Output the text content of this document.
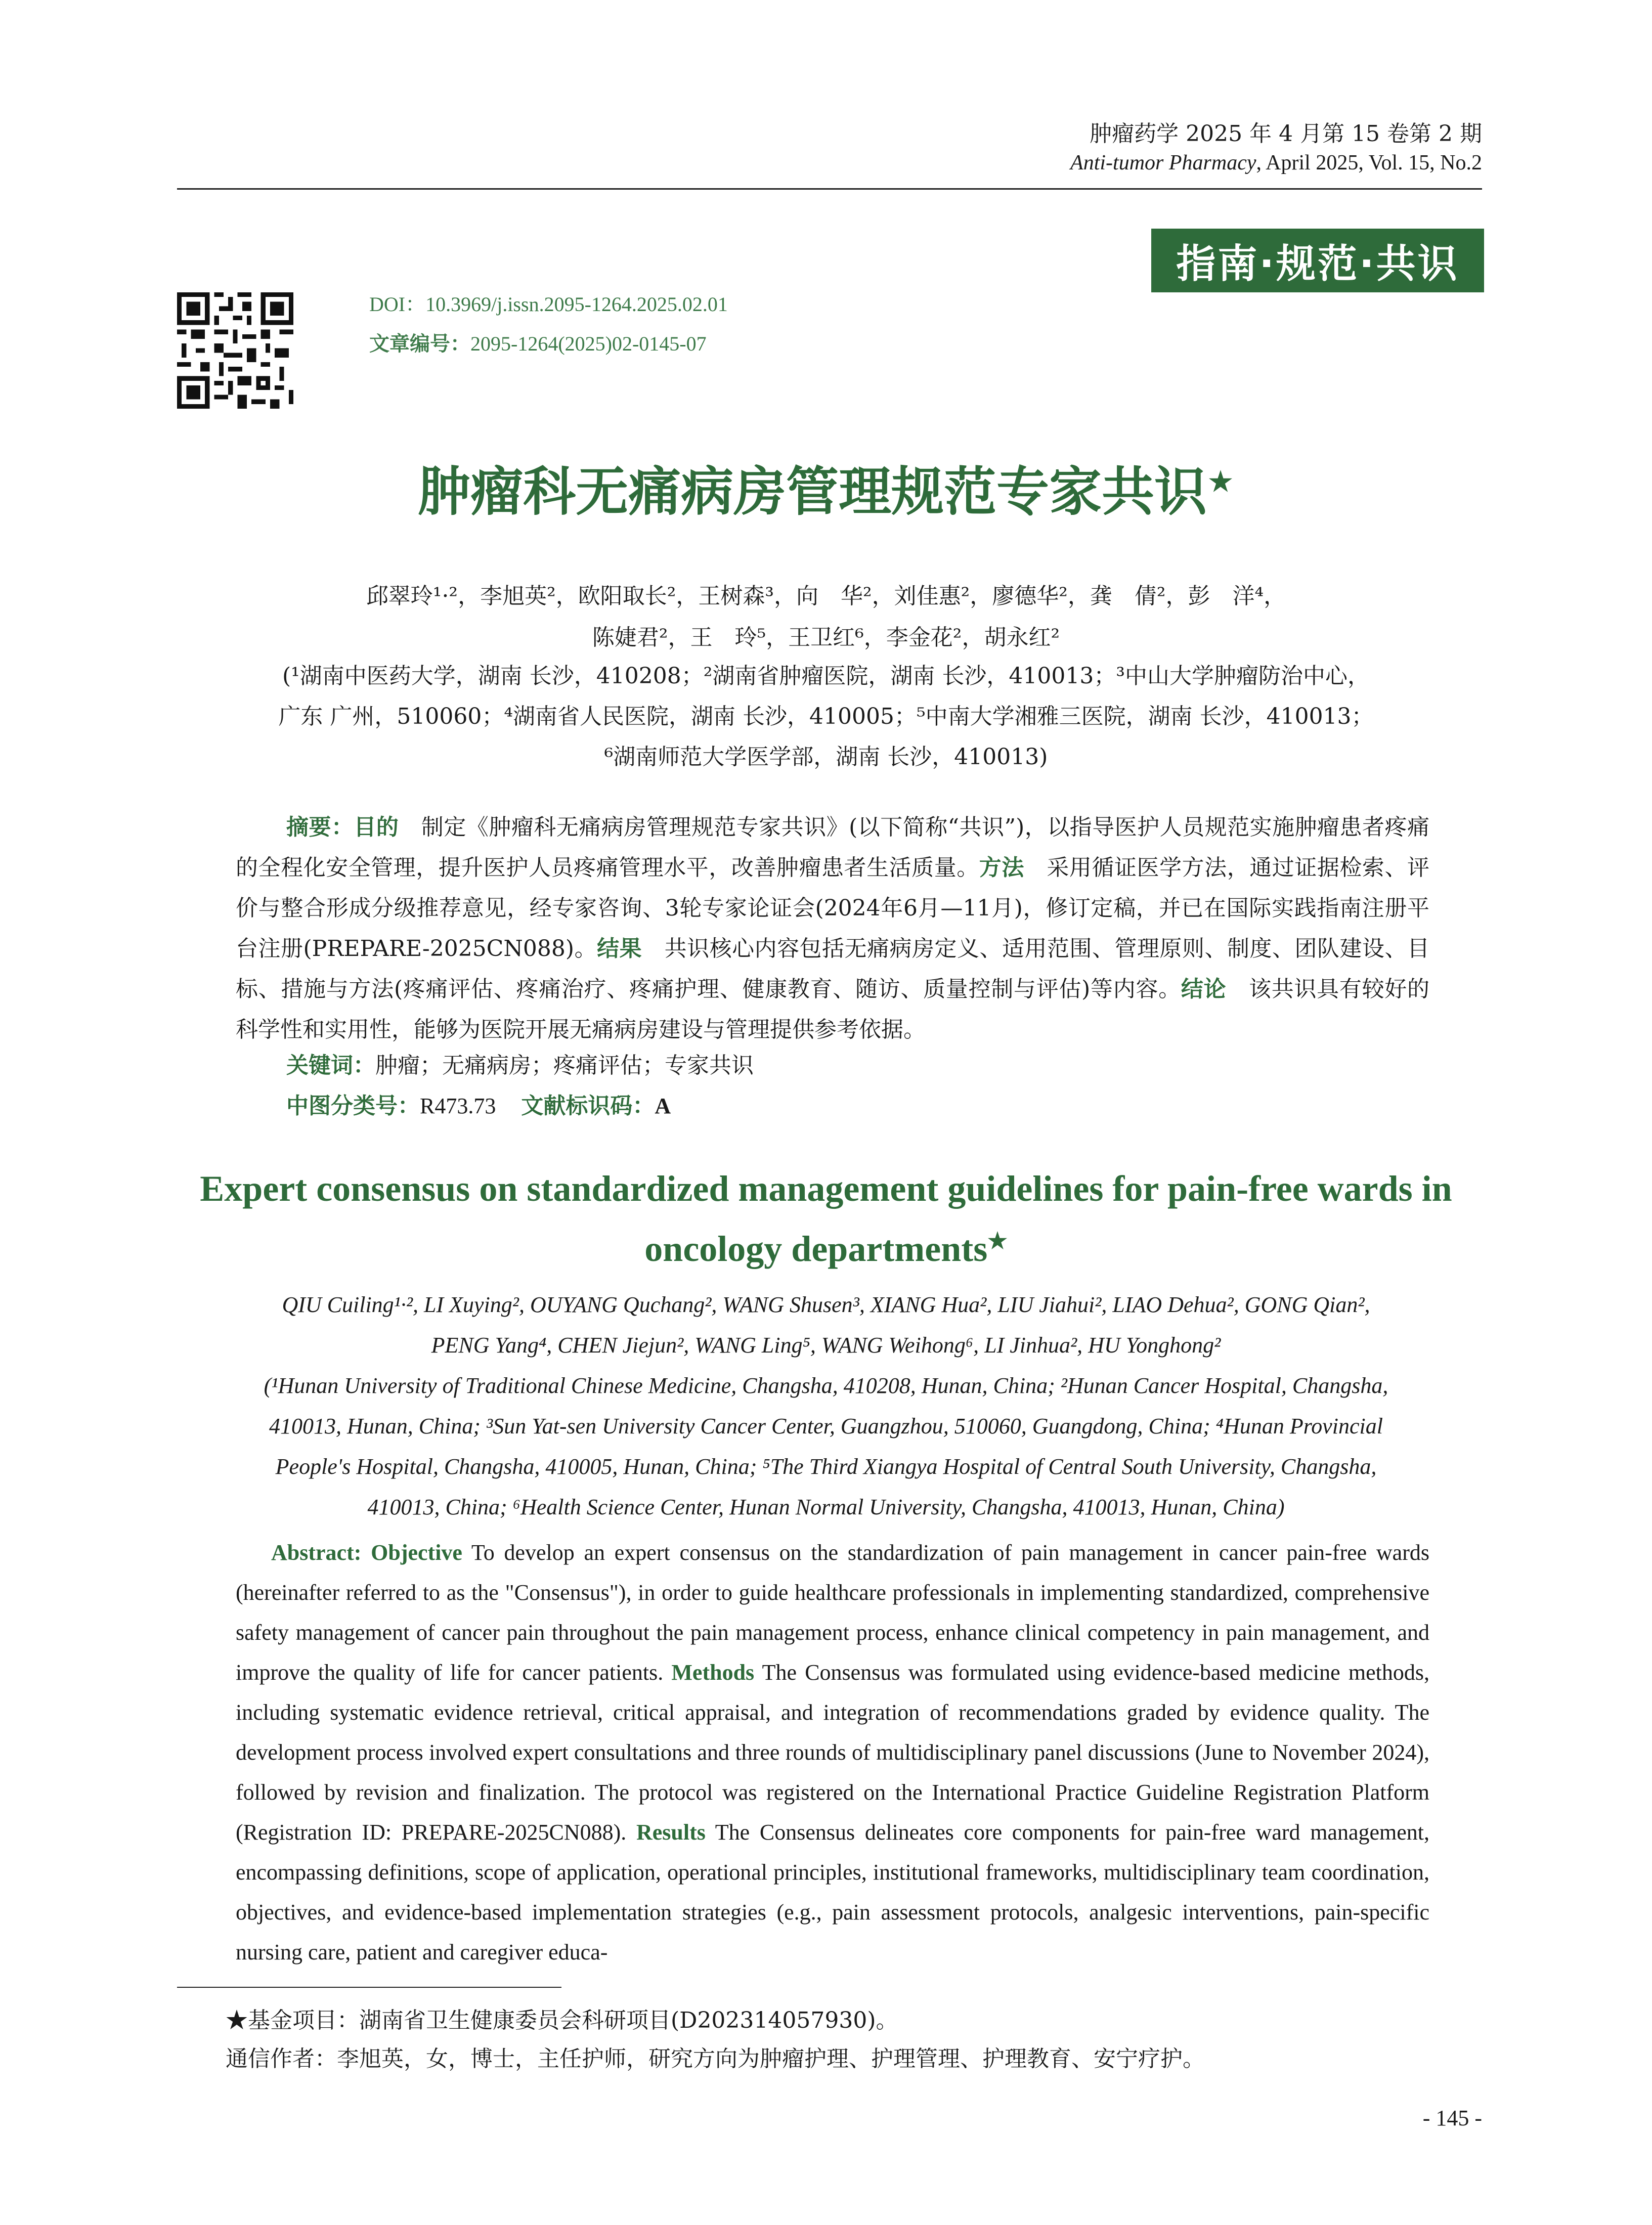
肿瘤药学 2025 年 4 月第 15 卷第 2 期
Anti-tumor Pharmacy, April 2025, Vol. 15, No.2
指南·规范·共识
DOI：10.3969/j.issn.2095-1264.2025.02.01
文章编号：2095-1264(2025)02-0145-07
肿瘤科无痛病房管理规范专家共识★
邱翠玲¹·²，李旭英²，欧阳取长²，王树森³，向　华²，刘佳惠²，廖德华²，龚　倩²，彭　洋⁴，
陈婕君²，王　玲⁵，王卫红⁶，李金花²，胡永红²
(¹湖南中医药大学，湖南 长沙，410208；²湖南省肿瘤医院，湖南 长沙，410013；³中山大学肿瘤防治中心，
广东 广州，510060；⁴湖南省人民医院，湖南 长沙，410005；⁵中南大学湘雅三医院，湖南 长沙，410013；
⁶湖南师范大学医学部，湖南 长沙，410013)
摘要：目的　制定《肿瘤科无痛病房管理规范专家共识》(以下简称“共识”)，以指导医护人员规范实施肿瘤患者疼痛的全程化安全管理，提升医护人员疼痛管理水平，改善肿瘤患者生活质量。方法　采用循证医学方法，通过证据检索、评价与整合形成分级推荐意见，经专家咨询、3轮专家论证会(2024年6月—11月)，修订定稿，并已在国际实践指南注册平台注册(PREPARE-2025CN088)。结果　共识核心内容包括无痛病房定义、适用范围、管理原则、制度、团队建设、目标、措施与方法(疼痛评估、疼痛治疗、疼痛护理、健康教育、随访、质量控制与评估)等内容。结论　该共识具有较好的科学性和实用性，能够为医院开展无痛病房建设与管理提供参考依据。
关键词：肿瘤；无痛病房；疼痛评估；专家共识
中图分类号：R473.73 文献标识码：A
Expert consensus on standardized management guidelines for pain-free wards in oncology departments★
QIU Cuiling¹·², LI Xuying², OUYANG Quchang², WANG Shusen³, XIANG Hua², LIU Jiahui², LIAO Dehua², GONG Qian²,
PENG Yang⁴, CHEN Jiejun², WANG Ling⁵, WANG Weihong⁶, LI Jinhua², HU Yonghong²
(¹Hunan University of Traditional Chinese Medicine, Changsha, 410208, Hunan, China; ²Hunan Cancer Hospital, Changsha,
410013, Hunan, China; ³Sun Yat-sen University Cancer Center, Guangzhou, 510060, Guangdong, China; ⁴Hunan Provincial
People's Hospital, Changsha, 410005, Hunan, China; ⁵The Third Xiangya Hospital of Central South University, Changsha,
410013, China; ⁶Health Science Center, Hunan Normal University, Changsha, 410013, Hunan, China)
Abstract: Objective To develop an expert consensus on the standardization of pain management in cancer pain-free wards (hereinafter referred to as the "Consensus"), in order to guide healthcare professionals in implementing standardized, comprehensive safety management of cancer pain throughout the pain management process, enhance clinical competency in pain management, and improve the quality of life for cancer patients. Methods The Consensus was formulated using evidence-based medicine methods, including systematic evidence retrieval, critical appraisal, and integration of recommendations graded by evidence quality. The development process involved expert consultations and three rounds of multidisciplinary panel discussions (June to November 2024), followed by revision and finalization. The protocol was registered on the International Practice Guideline Registration Platform (Registration ID: PREPARE-2025CN088). Results The Consensus delineates core components for pain-free ward management, encompassing definitions, scope of application, operational principles, institutional frameworks, multidisciplinary team coordination, objectives, and evidence-based implementation strategies (e.g., pain assessment protocols, analgesic interventions, pain-specific nursing care, patient and caregiver educa-
★基金项目：湖南省卫生健康委员会科研项目(D202314057930)。
通信作者：李旭英，女，博士，主任护师，研究方向为肿瘤护理、护理管理、护理教育、安宁疗护。
- 145 -
